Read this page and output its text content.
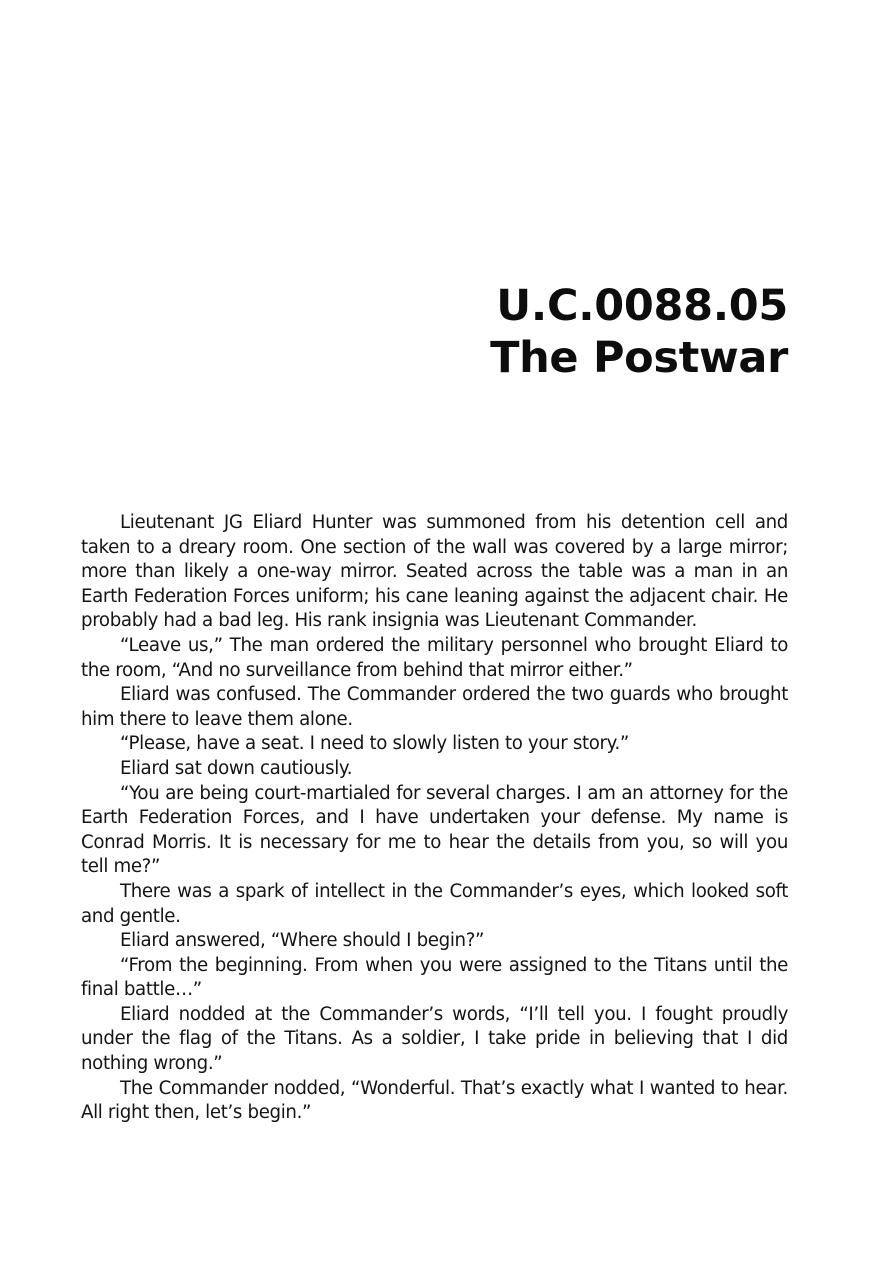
U.C.0088.05
The Postwar

Lieutenant JG Eliard Hunter was summoned from his detention cell and taken to a dreary room. One section of the wall was covered by a large mirror; more than likely a one-way mirror. Seated across the table was a man in an Earth Federation Forces uniform; his cane leaning against the adjacent chair. He probably had a bad leg. His rank insignia was Lieutenant Commander.

“Leave us,” The man ordered the military personnel who brought Eliard to the room, “And no surveillance from behind that mirror either.”

Eliard was confused. The Commander ordered the two guards who brought him there to leave them alone.

“Please, have a seat. I need to slowly listen to your story.”

Eliard sat down cautiously.

“You are being court-martialed for several charges. I am an attorney for the Earth Federation Forces, and I have undertaken your defense. My name is Conrad Morris. It is necessary for me to hear the details from you, so will you tell me?”

There was a spark of intellect in the Commander’s eyes, which looked soft and gentle.

Eliard answered, “Where should I begin?”

“From the beginning. From when you were assigned to the Titans until the final battle…”

Eliard nodded at the Commander’s words, “I’ll tell you. I fought proudly under the flag of the Titans. As a soldier, I take pride in believing that I did nothing wrong.”

The Commander nodded, “Wonderful. That’s exactly what I wanted to hear. All right then, let’s begin.”
